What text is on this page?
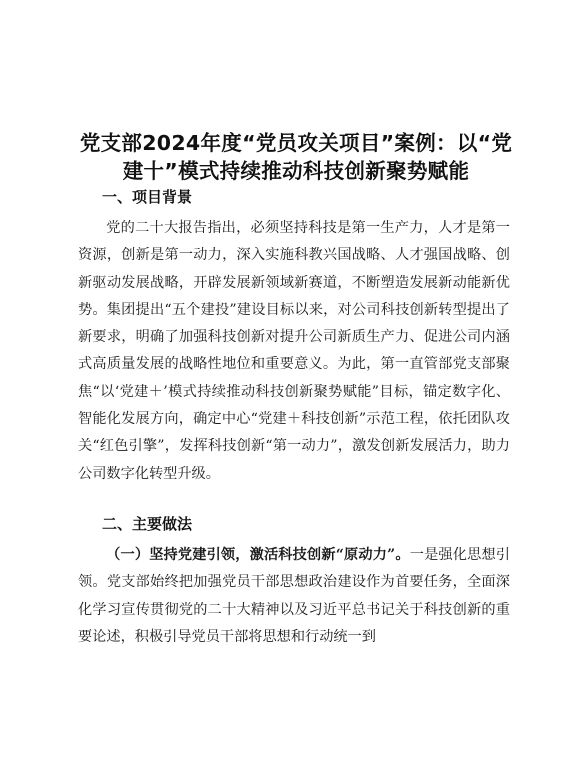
党支部2024年度“党员攻关项目”案例：以“党建十”模式持续推动科技创新聚势赋能
一、项目背景

党的二十大报告指出，必须坚持科技是第一生产力，人才是第一资源，创新是第一动力，深入实施科教兴国战略、人才强国战略、创新驱动发展战略，开辟发展新领域新赛道，不断塑造发展新动能新优势。集团提出“五个建投”建设目标以来，对公司科技创新转型提出了新要求，明确了加强科技创新对提升公司新质生产力、促进公司内涵式高质量发展的战略性地位和重要意义。为此，第一直管部党支部聚焦“以‘党建＋’模式持续推动科技创新聚势赋能”目标，锚定数字化、智能化发展方向，确定中心“党建＋科技创新”示范工程，依托团队攻关“红色引擎”，发挥科技创新“第一动力”，激发创新发展活力，助力公司数字化转型升级。

二、主要做法

（一）坚持党建引领，激活科技创新“原动力”。一是强化思想引领。党支部始终把加强党员干部思想政治建设作为首要任务，全面深化学习宣传贯彻党的二十大精神以及习近平总书记关于科技创新的重要论述，积极引导党员干部将思想和行动统一到
